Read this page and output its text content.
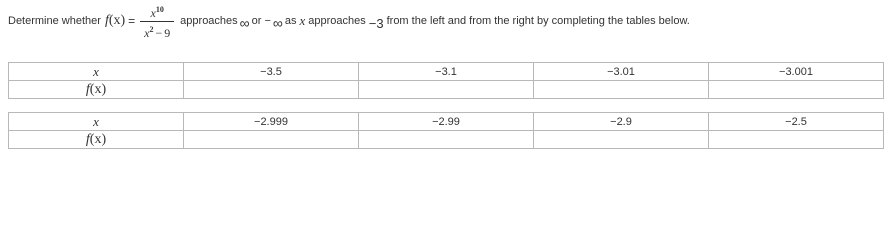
Determine whether f $(x) = \frac{x^{10}}{x^2 - 9}$ approaches ∞ or − ∞ as x approaches −3 from the left and from the right by completing the tables below.
x	−3.5	−3.1	−3.01	−3.001
f(x)				
x	−2.999	−2.99	−2.9	−2.5
f(x)				
